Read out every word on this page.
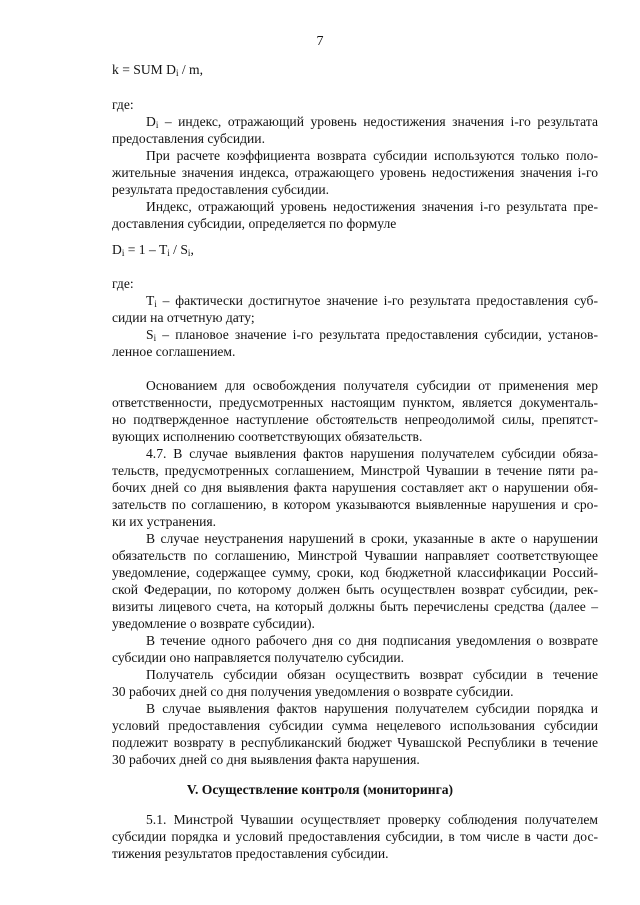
7
k = SUM $D_i$ / m,
где:
$D_i$ – индекс, отражающий уровень недостижения значения i-го результата
предоставления субсидии.
При расчете коэффициента возврата субсидии используются только поло-
жительные значения индекса, отражающего уровень недостижения значения i-го
результата предоставления субсидии.
Индекс, отражающий уровень недостижения значения i-го результата пре-
доставления субсидии, определяется по формуле
$D_i = 1 - T_i / S_i$,
где:
$T_i$ – фактически достигнутое значение i-го результата предоставления суб-
сидии на отчетную дату;
$S_i$ – плановое значение i-го результата предоставления субсидии, установ-
ленное соглашением.
Основанием для освобождения получателя субсидии от применения мер
ответственности, предусмотренных настоящим пунктом, является документаль-
но подтвержденное наступление обстоятельств непреодолимой силы, препятст-
вующих исполнению соответствующих обязательств.
4.7. В случае выявления фактов нарушения получателем субсидии обяза-
тельств, предусмотренных соглашением, Минстрой Чувашии в течение пяти ра-
бочих дней со дня выявления факта нарушения составляет акт о нарушении обя-
зательств по соглашению, в котором указываются выявленные нарушения и сро-
ки их устранения.
В случае неустранения нарушений в сроки, указанные в акте о нарушении
обязательств по соглашению, Минстрой Чувашии направляет соответствующее
уведомление, содержащее сумму, сроки, код бюджетной классификации Россий-
ской Федерации, по которому должен быть осуществлен возврат субсидии, рек-
визиты лицевого счета, на который должны быть перечислены средства (далее –
уведомление о возврате субсидии).
В течение одного рабочего дня со дня подписания уведомления о возврате
субсидии оно направляется получателю субсидии.
Получатель субсидии обязан осуществить возврат субсидии в течение
30 рабочих дней со дня получения уведомления о возврате субсидии.
В случае выявления фактов нарушения получателем субсидии порядка и
условий предоставления субсидии сумма нецелевого использования субсидии
подлежит возврату в республиканский бюджет Чувашской Республики в течение
30 рабочих дней со дня выявления факта нарушения.
V. Осуществление контроля (мониторинга)
5.1. Минстрой Чувашии осуществляет проверку соблюдения получателем
субсидии порядка и условий предоставления субсидии, в том числе в части дос-
тижения результатов предоставления субсидии.
